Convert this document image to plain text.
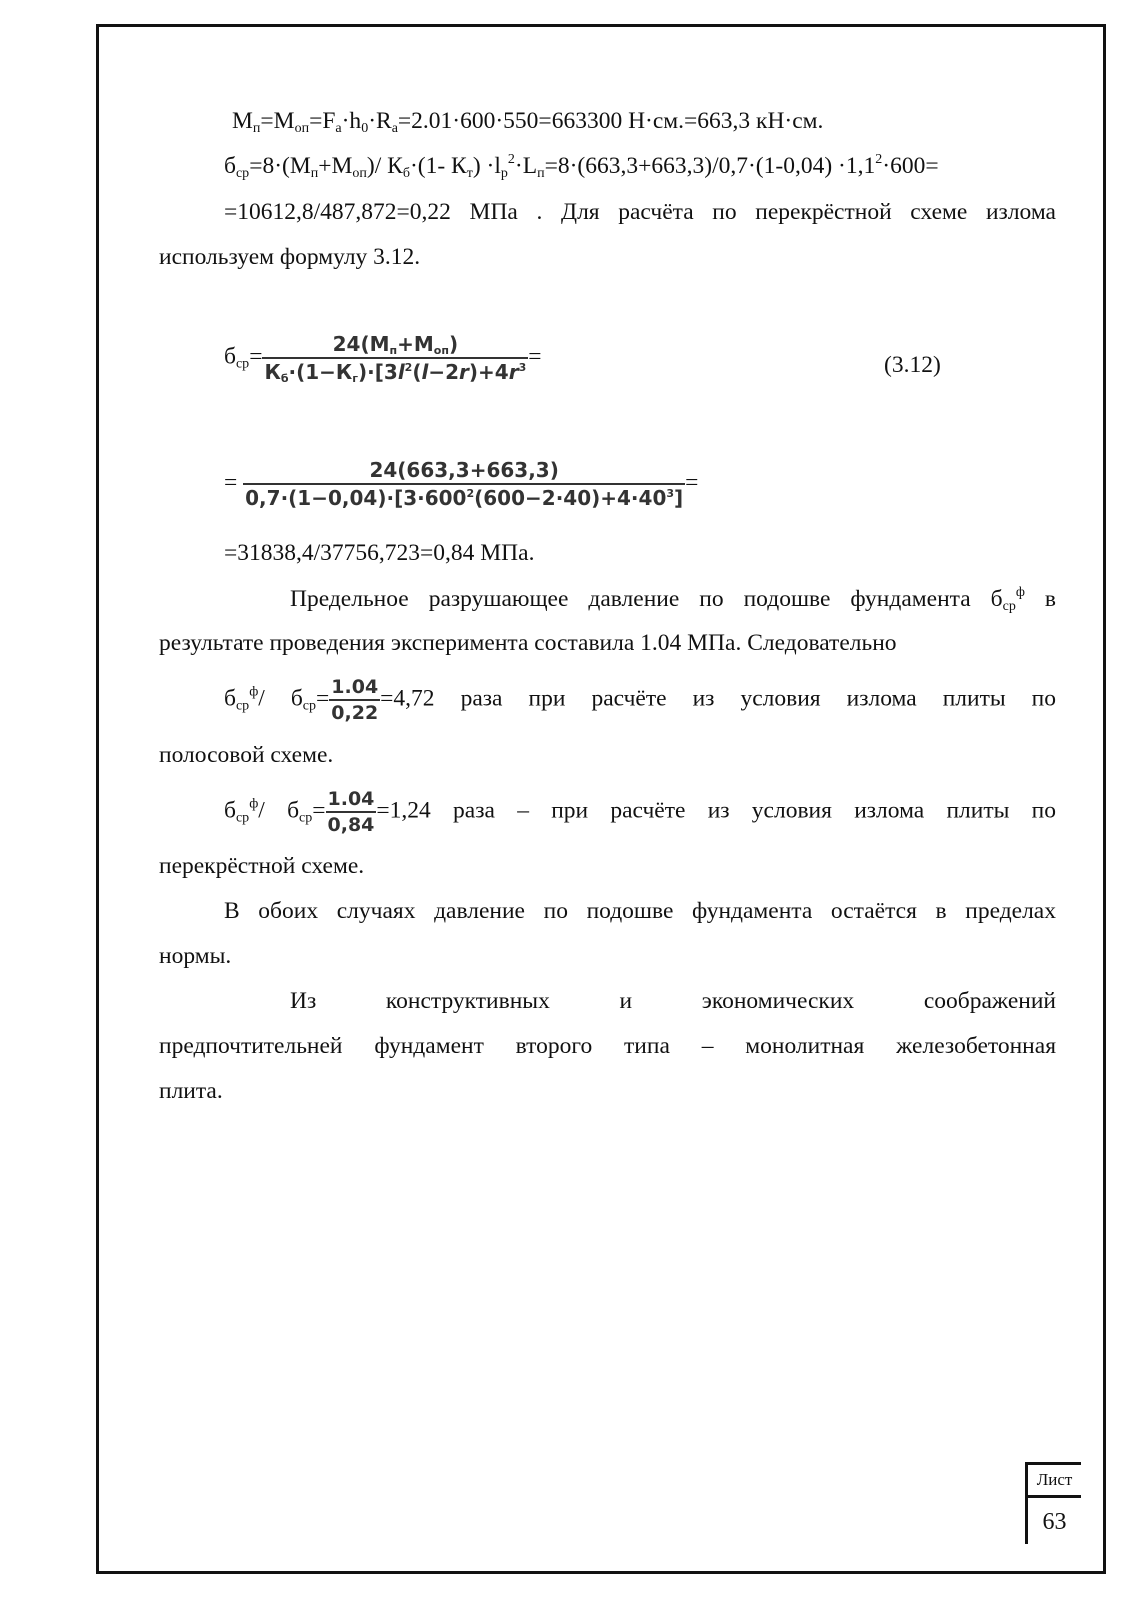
Лист
63
$М_п=М_{оп}=F_а\cdot h_0\cdot R_а=2.01\cdot 600\cdot 550=663300$ Н·см.=663,3 кН·см.
$б_{ср}=8\cdot(М_п+М_{оп})/$ $К_б\cdot(1-$ $К_т) \cdot l_р^2\cdot L_п=8\cdot(663,3+663,3)/0,7\cdot(1-0,04) \cdot 1,1^2\cdot 600=$
=10612,8/487,872=0,22 МПа . Для расчёта по перекрёстной схеме излома
используем формулу 3.12.
$б_{ср}= \frac{24(М_п+М_{оп})}{К_б\cdot(1-К_г)\cdot[3l^2(l-2r)+4r^3}$ =	(3.12)
= $\frac{24(663,3+663,3)}{0,7\cdot(1-0,04)\cdot[3\cdot 600^2(600-2\cdot 40)+4\cdot 40^3]}$ =
=31838,4/37756,723=0,84 МПа.
Предельное разрушающее давление по подошве фундамента $б_{ср}^ф$ в
результате проведения эксперимента составила 1.04 МПа. Следовательно
$б_{ср}^ф/$ $б_{ср}= \frac{1.04}{0,22} =4,72$ раза при расчёте из условия излома плиты по
полосовой схеме.
$б_{ср}^ф/$ $б_{ср}= \frac{1.04}{0,84} =1,24$ раза – при расчёте из условия излома плиты по
перекрёстной схеме.
В обоих случаях давление по подошве фундамента остаётся в пределах
нормы.
Из конструктивных и экономических соображений
предпочтительней фундамент второго типа – монолитная железобетонная
плита.
